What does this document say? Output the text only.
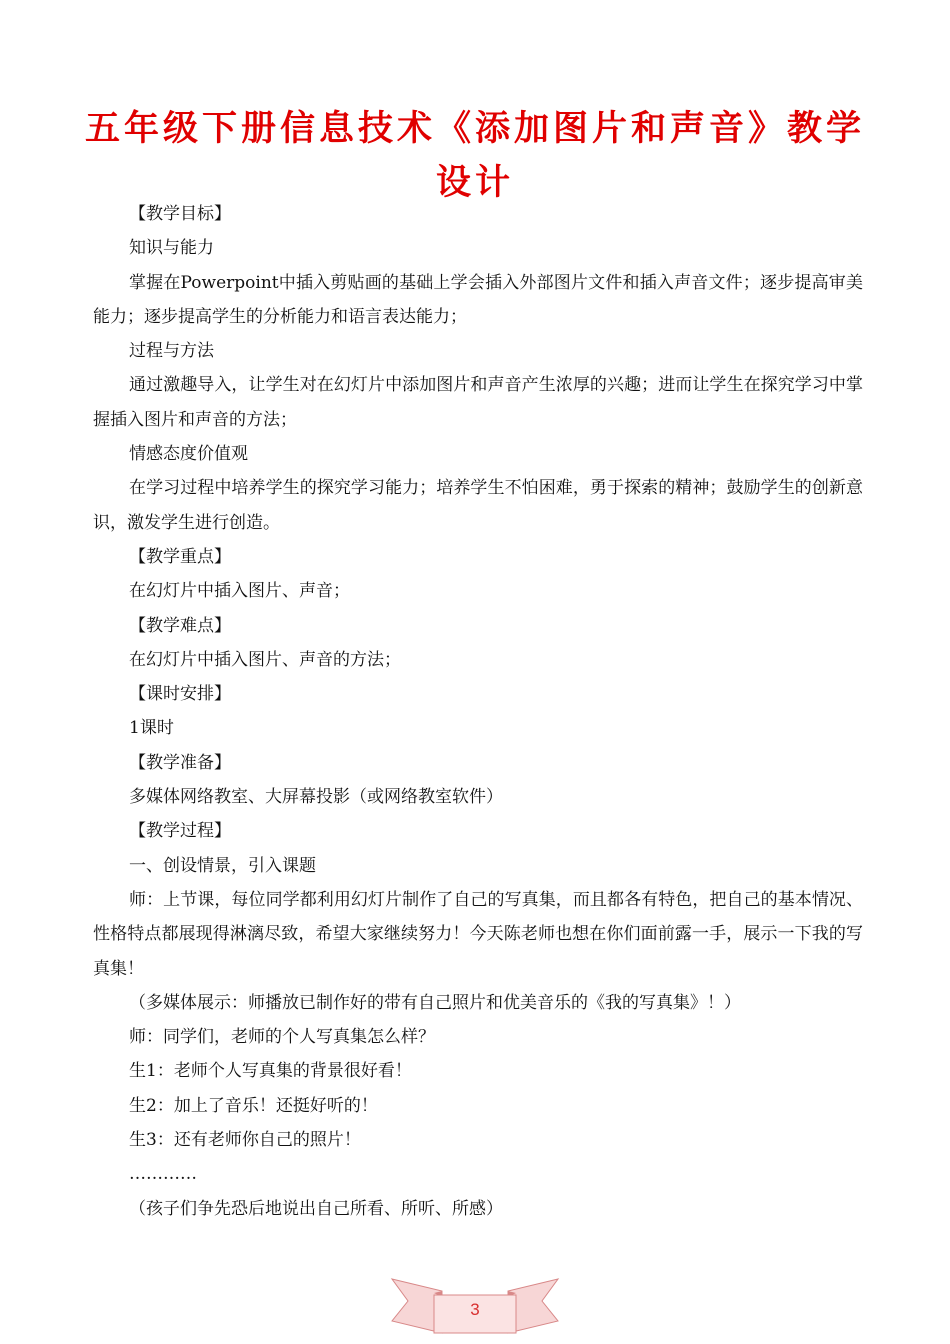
五年级下册信息技术《添加图片和声音》教学设计

【教学目标】

知识与能力

掌握在Powerpoint中插入剪贴画的基础上学会插入外部图片文件和插入声音文件；逐步提高审美能力；逐步提高学生的分析能力和语言表达能力；

过程与方法

通过激趣导入，让学生对在幻灯片中添加图片和声音产生浓厚的兴趣；进而让学生在探究学习中掌握插入图片和声音的方法；

情感态度价值观

在学习过程中培养学生的探究学习能力；培养学生不怕困难，勇于探索的精神；鼓励学生的创新意识，激发学生进行创造。

【教学重点】

在幻灯片中插入图片、声音；

【教学难点】

在幻灯片中插入图片、声音的方法；

【课时安排】

1课时

【教学准备】

多媒体网络教室、大屏幕投影（或网络教室软件）

【教学过程】

一、创设情景，引入课题

师：上节课，每位同学都利用幻灯片制作了自己的写真集，而且都各有特色，把自己的基本情况、性格特点都展现得淋漓尽致，希望大家继续努力！今天陈老师也想在你们面前露一手，展示一下我的写真集！

（多媒体展示：师播放已制作好的带有自己照片和优美音乐的《我的写真集》！）

师：同学们，老师的个人写真集怎么样？

生1：老师个人写真集的背景很好看！

生2：加上了音乐！还挺好听的！

生3：还有老师你自己的照片！

…………

（孩子们争先恐后地说出自己所看、所听、所感）

3
